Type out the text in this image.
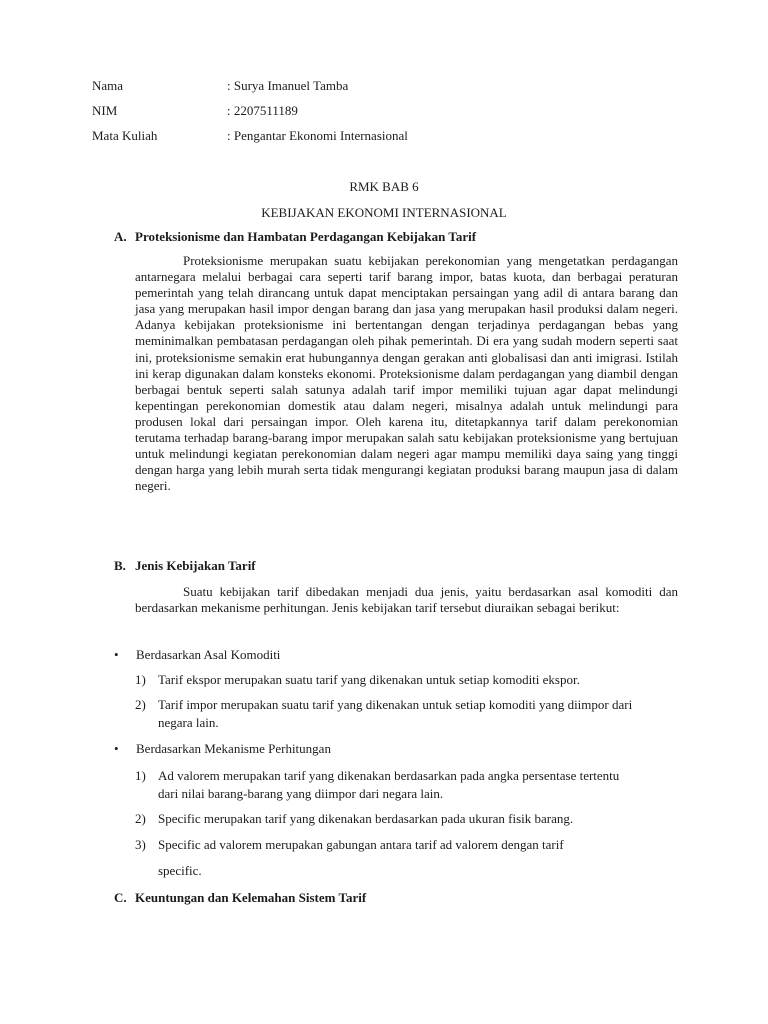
Nama	: Surya Imanuel Tamba
NIM	: 2207511189
Mata Kuliah	: Pengantar Ekonomi Internasional
RMK BAB 6
KEBIJAKAN EKONOMI INTERNASIONAL
A. Proteksionisme dan Hambatan Perdagangan Kebijakan Tarif

Proteksionisme merupakan suatu kebijakan perekonomian yang mengetatkan perdagangan antarnegara melalui berbagai cara seperti tarif barang impor, batas kuota, dan berbagai peraturan pemerintah yang telah dirancang untuk dapat menciptakan persaingan yang adil di antara barang dan jasa yang merupakan hasil impor dengan barang dan jasa yang merupakan hasil produksi dalam negeri. Adanya kebijakan proteksionisme ini bertentangan dengan terjadinya perdagangan bebas yang meminimalkan pembatasan perdagangan oleh pihak pemerintah. Di era yang sudah modern seperti saat ini, proteksionisme semakin erat hubungannya dengan gerakan anti globalisasi dan anti imigrasi. Istilah ini kerap digunakan dalam konsteks ekonomi. Proteksionisme dalam perdagangan yang diambil dengan berbagai bentuk seperti salah satunya adalah tarif impor memiliki tujuan agar dapat melindungi kepentingan perekonomian domestik atau dalam negeri, misalnya adalah untuk melindungi para produsen lokal dari persaingan impor. Oleh karena itu, ditetapkannya tarif dalam perekonomian terutama terhadap barang-barang impor merupakan salah satu kebijakan proteksionisme yang bertujuan untuk melindungi kegiatan perekonomian dalam negeri agar mampu memiliki daya saing yang tinggi dengan harga yang lebih murah serta tidak mengurangi kegiatan produksi barang maupun jasa di dalam negeri.

B. Jenis Kebijakan Tarif

Suatu kebijakan tarif dibedakan menjadi dua jenis, yaitu berdasarkan asal komoditi dan berdasarkan mekanisme perhitungan. Jenis kebijakan tarif tersebut diuraikan sebagai berikut:

• Berdasarkan Asal Komoditi
1) Tarif ekspor merupakan suatu tarif yang dikenakan untuk setiap komoditi ekspor.
2) Tarif impor merupakan suatu tarif yang dikenakan untuk setiap komoditi yang diimpor dari negara lain.
• Berdasarkan Mekanisme Perhitungan
1) Ad valorem merupakan tarif yang dikenakan berdasarkan pada angka persentase tertentu dari nilai barang-barang yang diimpor dari negara lain.
2) Specific merupakan tarif yang dikenakan berdasarkan pada ukuran fisik barang.
3) Specific ad valorem merupakan gabungan antara tarif ad valorem dengan tarif
specific.
C. Keuntungan dan Kelemahan Sistem Tarif
